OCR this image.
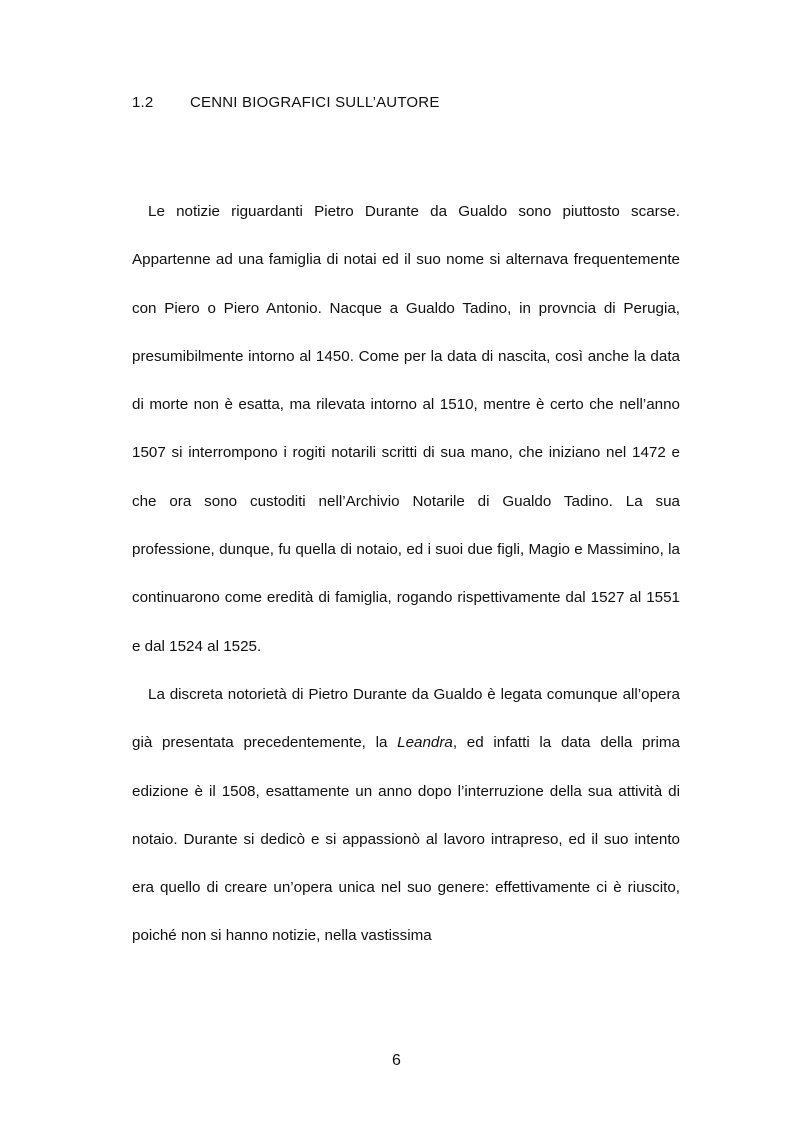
1.2 CENNI BIOGRAFICI SULL’AUTORE

Le notizie riguardanti Pietro Durante da Gualdo sono piuttosto scarse. Appartenne ad una famiglia di notai ed il suo nome si alternava frequentemente con Piero o Piero Antonio. Nacque a Gualdo Tadino, in provncia di Perugia, presumibilmente intorno al 1450. Come per la data di nascita, così anche la data di morte non è esatta, ma rilevata intorno al 1510, mentre è certo che nell’anno 1507 si interrompono i rogiti notarili scritti di sua mano, che iniziano nel 1472 e che ora sono custoditi nell’Archivio Notarile di Gualdo Tadino. La sua professione, dunque, fu quella di notaio, ed i suoi due figli, Magio e Massimino, la continuarono come eredità di famiglia, rogando rispettivamente dal 1527 al 1551 e dal 1524 al 1525.

La discreta notorietà di Pietro Durante da Gualdo è legata comunque all’opera già presentata precedentemente, la Leandra, ed infatti la data della prima edizione è il 1508, esattamente un anno dopo l’interruzione della sua attività di notaio. Durante si dedicò e si appassionò al lavoro intrapreso, ed il suo intento era quello di creare un’opera unica nel suo genere: effettivamente ci è riuscito, poiché non si hanno notizie, nella vastissima

6
